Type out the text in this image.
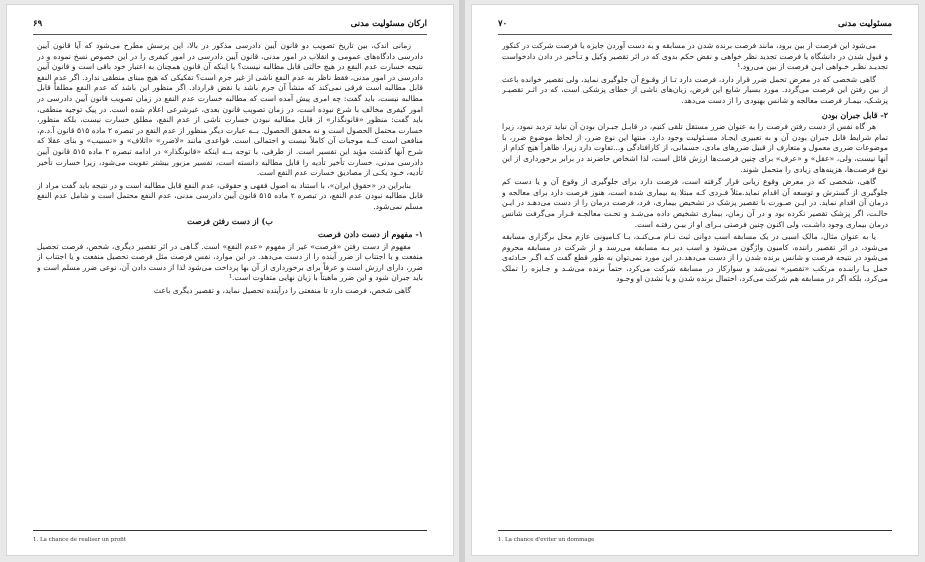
ارکان مسئولیت مدنی
۶۹

زمانی اندک، بین تاریخ تصویب دو قانون آیین دادرسی مذکور در بالا، این پرسش مطرح می‌شود که آیا قانون آیین دادرسی دادگاه‌های عمومی و انقلاب در امور مدنی، قانون آیین دادرسی در امور کیفری را در این خصوص نسخ نموده و در نتیجه خسارت عدم النفع در هیچ حالتی قابل مطالبه نیست؟ یا اینکه آن قانون همچنان به اعتبار خود باقی است و قانون آیین دادرسی در امور مدنی، فقط ناظر به عدم النفع ناشی از غیر جرم است؟ تفکیکی که هیچ مبنای منطقی ندارد. اگر عدم النفع قابل مطالبه است فرقی نمی‌کند که منشأ آن جرم باشد یا نقض قرارداد. اگر منظور این باشد که عدم النفع مطلقاً قابل مطالبه نیست، باید گفت: چه امری پیش آمده است که مطالبه خسارت عدم النفع در زمان تصویب قانون آیین دادرسی در امور کیفری مخالف با شرع نبوده است، در زمان تصویب قانون بعدی، غیرشرعی اعلام شده است. در پیک توجیه منطقی، باید گفت: منظور «قانونگذار» از قابل مطالبه نبودن خسارت ناشی از عدم النفع، مطلق خسارت نیست، بلکه منظور، خسارت محتمل الحصول است و نه محقق الحصول. بــه عبارت دیگر منظور از عدم النفع در تبصره ۲ ماده ۵۱۵ قانون آ.د.م، منافعی است کــه موجبات آن کاملاً نیست و احتمالی است. قواعدی مانند «لاضرر» «اتلاف» و «تسبیب» و بنای عقلا که شرح آنها گذشت مؤید این تفسیر است. از طرفی، با توجه بــه اینکه «قانونگذار» در ادامه تبصره ۲ ماده ۵۱۵ قانون آیین دادرسی مدنی، خسارت تأخیر تأدیه را قابل مطالبه دانسته است، تفسیر مزبور بیشتر تقویت می‌شود، زیرا خسارت تأخیر تأدیه، خـود یکـی از مصادیق خسارت عدم النفع است.

بنابراین در «حقوق ایران»، با استناد به اصول فقهی و حقوقی، عدم النفع قابل مطالبه است و در نتیجه باید گفت مراد از قابل مطالبه نبودن عدم النفع، در تبصره ۲ ماده ۵۱۵ قانون آیین دادرسی مدنی، عدم النفع محتمل است و شامل عدم النفع مسلم نمی‌شود.

ب) از دست رفتن فرصت
۱- مفهوم از دست دادن فرصت

مفهوم از دست رفتن «فرصت» غیر از مفهوم «عدم النفع» است. گـاهی در اثر تقصیر دیگری، شخص، فرصت تحصیل منفعت و یا اجتناب از ضرر آینده را از دست می‌دهد. در این موارد، نفس فرصت مثل فرصت تحصیل منفعت و یا اجتناب از ضرر، دارای ارزش است و عرفاً برای برخورداری از آن بها پرداخت می‌شود لذا از دست دادن آن، نوعی ضرر مسلم است و باید جبران شود و این ضرر ماهیتاً با زیان نهایی متفاوت است.¹

گاهی شخص، فرصت دارد تا منفعتی را درآینده تحصیل نماید، و تقصیر دیگری باعث

1. La chance de realiser un profit
مسئولیت مدنی
۷۰

می‌شود این فرصت از بین برود، مانند فرصت برنده شدن در مسابقه و به دست آوردن جایزه یا فرصت شرکت در کنکور و قبول شدن در دانشگاه یا فرصت تجدید نظر خواهی و نقض حکم بدوی که در اثر تقصیر وکیل و تـأخیر در دادن دادخواست تجدیـد نظـر خـواهی ایـن فرصت از بین می‌رود.¹

گاهی شخصی که در معرض تحمل ضرر قرار دارد، فرصت دارد تـا از وقـوع آن جلوگیری نماید، ولی تقصیر خوانده باعث از بین رفتن این فرصت می‌گردد. مورد بسیار شایع این فرض، زیان‌های ناشی از خطای پزشکی است، که در اثـر تقصیـر پزشـک، بیمـار فرصت معالجه و شانس بهبودی را از دست می‌دهد.

۲- قابل جبران بودن

هر گاه نفس از دست رفتن فرصت را به عنوان ضرر مستقل تلقی کنیم، در قابـل جبـران بودن آن نباید تردید نمود، زیرا تمام شرایط قابل جبران بودن آن و به تعبیری ایجـاد مسـئولیت وجود دارد. منتها این نوع ضرر، از لحاظ موضوع ضرر، با موضوعات ضرری معمول و متعارف از قبیل ضررهای مادی، جسمانی، از کارافتادگی و...تفاوت دارد زیرا، ظاهراً هیچ کدام از آنها نیست، ولی، «عقل» و «عرف» برای چنین فرصت‌ها ارزش قائل است، لذا اشخاص حاضرند در برابر برخورداری از این نوع فرصت‌ها، هزینه‌های زیادی را متحمل شوند.

گاهی، شخصی که در معرض وقوع زیانی قرار گرفته است، فرصت دارد برای جلوگیری از وقوع آن و یا دست کم جلوگیری از گسترش و توسعه آن اقدام نماید.مثلاً فـردی کـه مبتلا به بیماری شده است، هنوز فرصت دارد برای معالجه و درمان آن اقدام نماید. در ایـن صـورت با تقصیر پزشک در تشخیص بیماری، فرد، فرصت درمان را از دست می‌دهـد در ایـن حالـت، اگر پزشک تقصیر نکرده بود و در آن زمان، بیماری تشخیص داده می‌شـد و تحـت معالجـه قـرار می‌گرفت شانس درمان بیماری وجود داشـت، ولی اکنون چنین فرصتی بـرای او از بیـن رفتـه است.

یا به عنوان مثال، مالک اسبی در یک مسابقه اسب دوانی ثبت نـام مـی‌کنـد، بـا کـامیونی عازم محل برگزاری مسابقه می‌شود، در اثر تقصیر راننده، کامیون واژگون می‌شود و اسب دیر بـه مسابقه می‌رسد و از شرکت در مسابقه محروم می‌شود در نتیجه فرصت و شانس برنده شدن را از دست می‌دهد.در این مورد نمی‌توان به طور قطع گفت کـه اگـر حـادثه‌ی حمل یـا راننـده مرتکب «تقصیر» نمی‌شد و سوارکار در مسابقه شرکت می‌کرد، حتماً برنده می‌شـد و جـایزه را تملک می‌کرد، بلکه اگر در مسابقه هم شرکت می‌کرد، احتمال برنده شدن و یا نشدن او وجـود

1. La chance d'eviter un dommage
